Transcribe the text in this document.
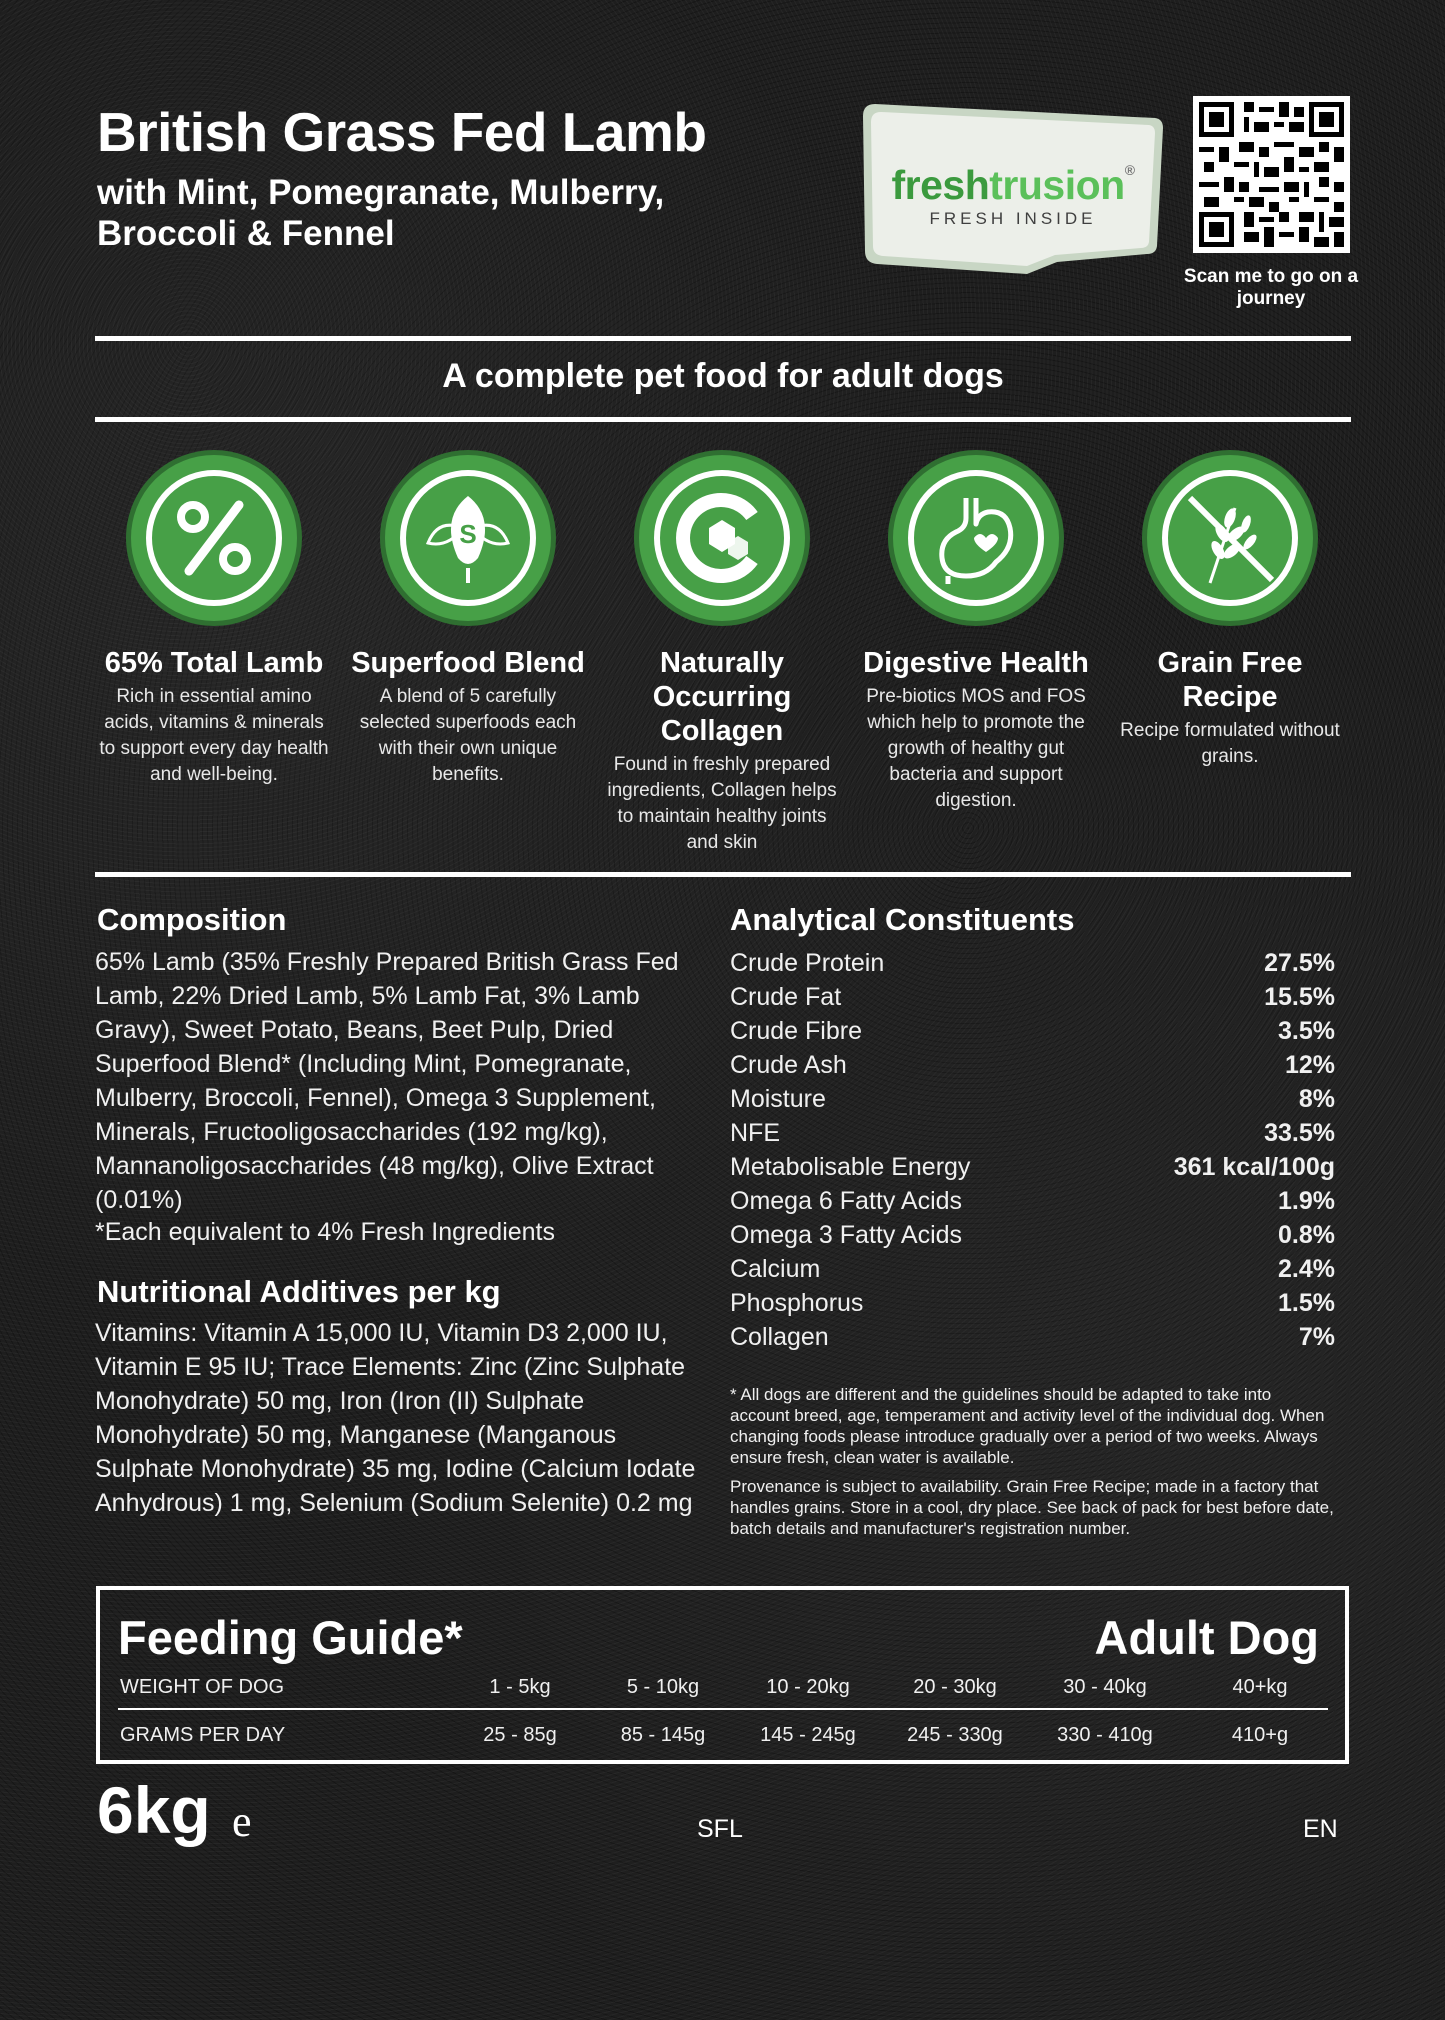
British Grass Fed Lamb
with Mint, Pomegranate, Mulberry, Broccoli & Fennel
freshtrusion®
FRESH INSIDE
Scan me to go on a journey
A complete pet food for adult dogs
65% Total Lamb
Rich in essential amino acids, vitamins & minerals to support every day health and well-being.
S
Superfood Blend
A blend of 5 carefully selected superfoods each with their own unique benefits.
Naturally Occurring Collagen
Found in freshly prepared ingredients, Collagen helps to maintain healthy joints and skin
Digestive Health
Pre-biotics MOS and FOS which help to promote the growth of healthy gut bacteria and support digestion.
Grain Free Recipe
Recipe formulated without grains.
Composition
65% Lamb (35% Freshly Prepared British Grass Fed Lamb, 22% Dried Lamb, 5% Lamb Fat, 3% Lamb Gravy), Sweet Potato, Beans, Beet Pulp, Dried Superfood Blend* (Including Mint, Pomegranate, Mulberry, Broccoli, Fennel), Omega 3 Supplement, Minerals, Fructooligosaccharides (192 mg/kg), Mannanoligosaccharides (48 mg/kg), Olive Extract (0.01%)
*Each equivalent to 4% Fresh Ingredients
Nutritional Additives per kg
Vitamins: Vitamin A 15,000 IU, Vitamin D3 2,000 IU, Vitamin E 95 IU; Trace Elements: Zinc (Zinc Sulphate Monohydrate) 50 mg, Iron (Iron (II) Sulphate Monohydrate) 50 mg, Manganese (Manganous Sulphate Monohydrate) 35 mg, Iodine (Calcium Iodate Anhydrous) 1 mg, Selenium (Sodium Selenite) 0.2 mg
Analytical Constituents
Crude Protein	27.5%
Crude Fat	15.5%
Crude Fibre	3.5%
Crude Ash	12%
Moisture	8%
NFE	33.5%
Metabolisable Energy	361 kcal/100g
Omega 6 Fatty Acids	1.9%
Omega 3 Fatty Acids	0.8%
Calcium	2.4%
Phosphorus	1.5%
Collagen	7%
* All dogs are different and the guidelines should be adapted to take into account breed, age, temperament and activity level of the individual dog. When changing foods please introduce gradually over a period of two weeks. Always ensure fresh, clean water is available.
Provenance is subject to availability. Grain Free Recipe; made in a factory that handles grains. Store in a cool, dry place. See back of pack for best before date, batch details and manufacturer's registration number.
Feeding Guide*	Adult Dog
WEIGHT OF DOG	1 - 5kg	5 - 10kg	10 - 20kg	20 - 30kg	30 - 40kg	40+kg
GRAMS PER DAY	25 - 85g	85 - 145g	145 - 245g	245 - 330g	330 - 410g	410+g
6kg e	SFL	EN
